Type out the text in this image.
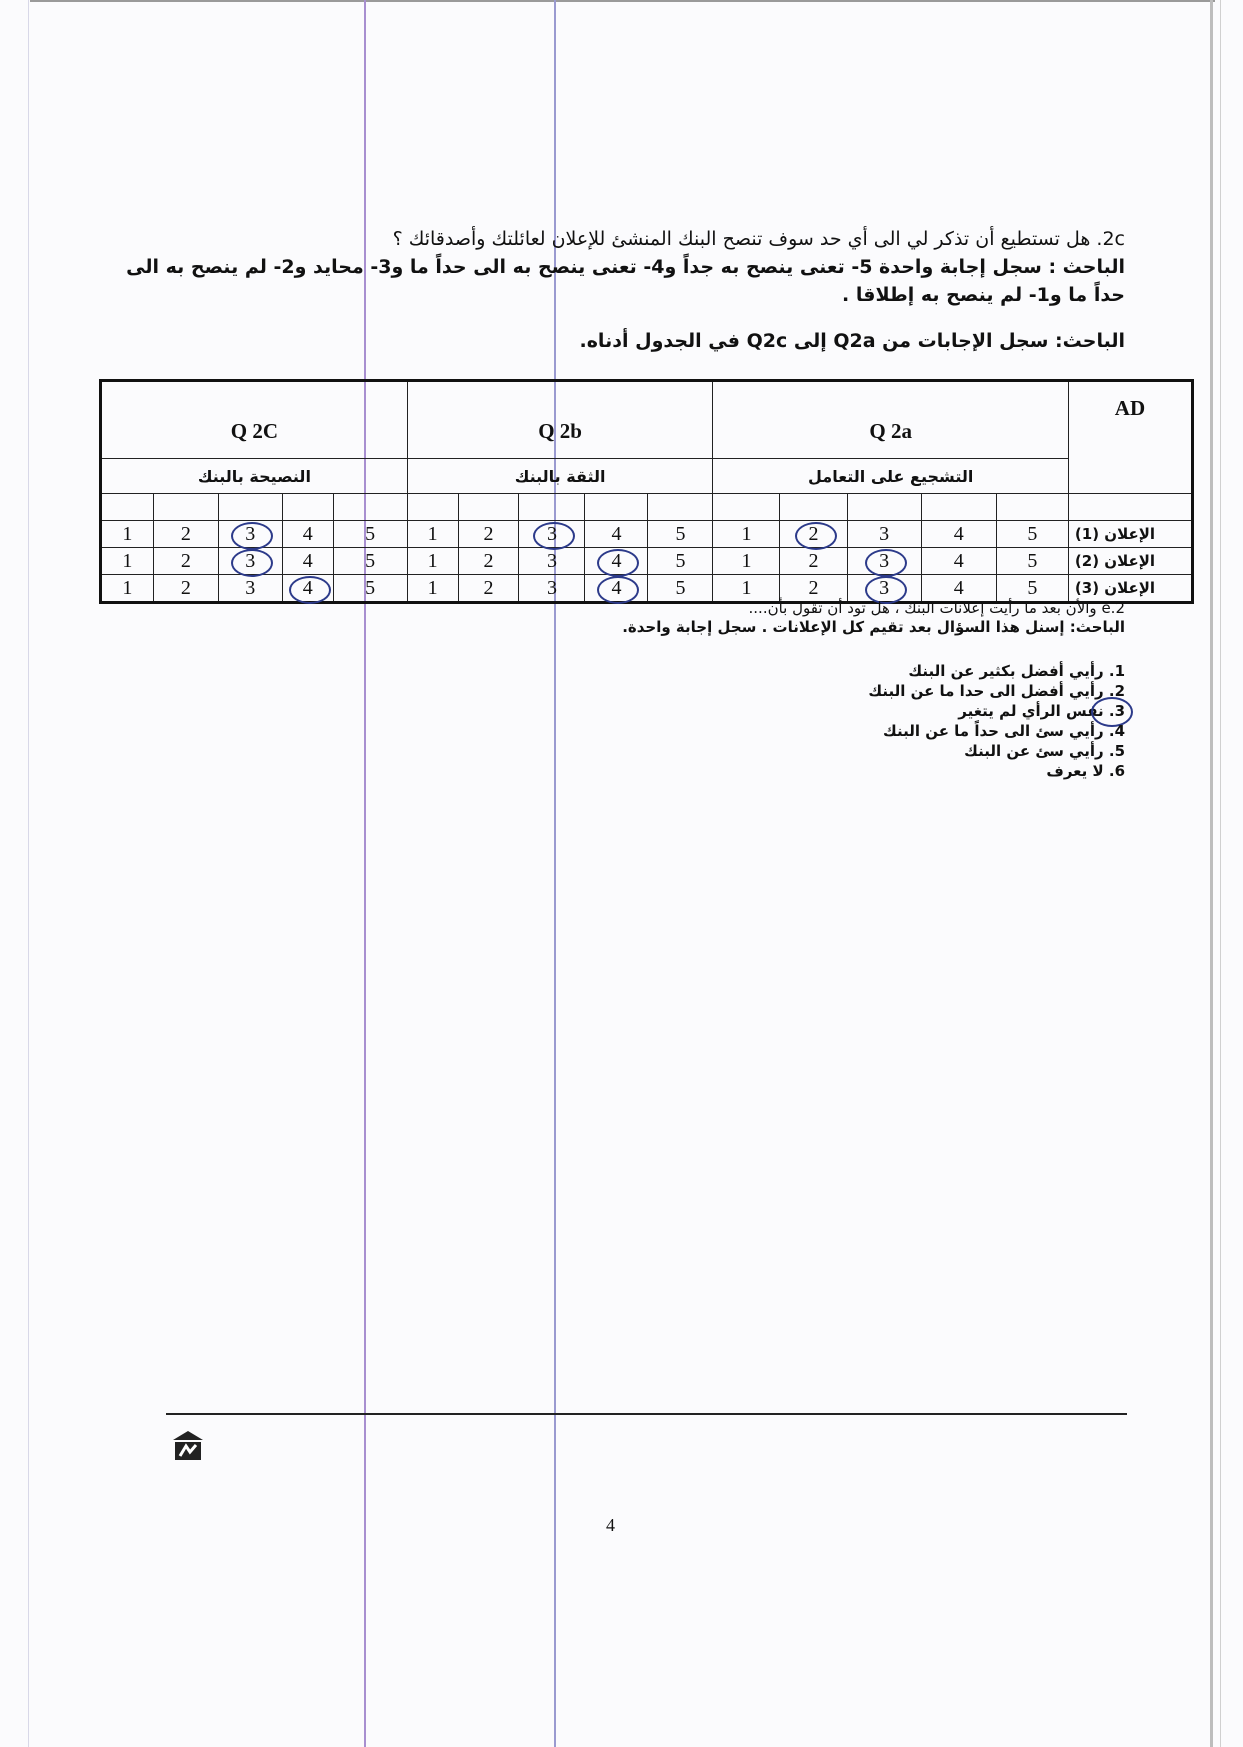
2c. هل تستطيع أن تذكر لي الى أي حد سوف تنصح البنك المنشئ للإعلان لعائلتك وأصدقائك ؟
الباحث : سجل إجابة واحدة 5- تعنى ينصح به جداً و4- تعنى ينصح به الى حداً ما و3- محايد و2- لم ينصح به الى حداً ما و1- لم ينصح به إطلاقا .
الباحث: سجل الإجابات من Q2a إلى Q2c في الجدول أدناه.
Q 2C					Q 2b					Q 2a					AD
النصيحة بالبنك					الثقة بالبنك					التشجيع على التعامل					

1	2	3	4	5	1	2	3	4	5	1	2	3	4	5	الإعلان (1)
1	2	3	4	5	1	2	3	4	5	1	2	3	4	5	الإعلان (2)
1	2	3	4	5	1	2	3	4	5	1	2	3	4	5	الإعلان (3)
2.e والأن بعد ما رأيت إعلانات البنك ، هل تود أن تقول بأن....
الباحث: إسنل هذا السؤال بعد تقيم كل الإعلانات . سجل إجابة واحدة.
1. رأيي أفضل بكثير عن البنك
2. رأيي أفضل الى حدا ما عن البنك
3. نفس الرأي لم يتغير
4. رأيي سئ الى حداً ما عن البنك
5. رأيي سئ عن البنك
6. لا يعرف
4
